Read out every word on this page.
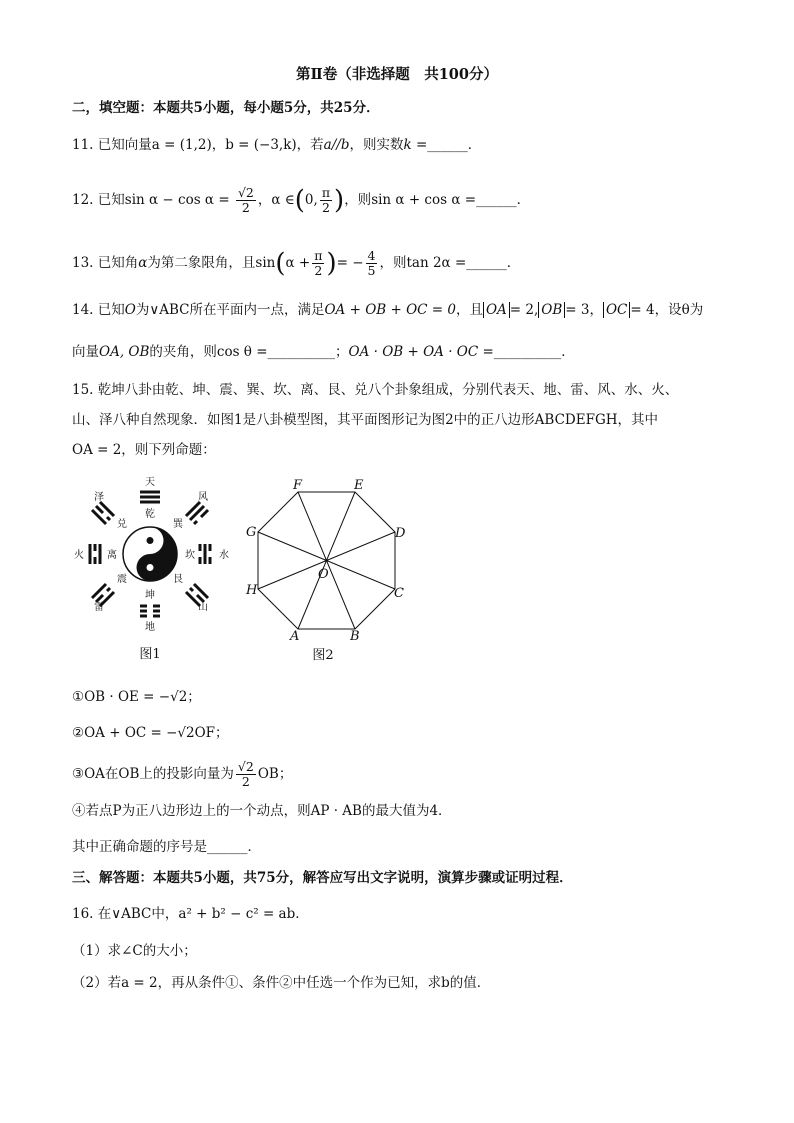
第Ⅱ卷（非选择题　共100分）
二，填空题：本题共5小题，每小题5分，共25分．
11. 已知向量a = (1,2)，b = (−3,k)，若a//b，则实数k =______．
12. 已知$\sin \alpha - \cos \alpha = \frac{√2}{2}$ ，α ∈(0, $\frac{\pi}{2}$ )，则sin α + cos α =______．
13. 已知角α为第二象限角，且$\sin(\alpha + \frac{\pi}{2}$ )= − $\frac{4}{5}$ ，则tan 2α =______．
14. 已知O为∨ABC所在平面内一点，满足OA + OB + OC = 0，且 OA = 2, OB = 3， OC = 4，设θ为
向量OA, OB的夹角，则cos θ =__________；OA · OB + OA · OC =__________．
15. 乾坤八卦由乾、坤、震、巽、坎、离、艮、兑八个卦象组成，分别代表天、地、雷、风、水、火、
山、泽八种自然现象．如图1是八卦模型图，其平面图形记为图2中的正八边形ABCDEFGH，其中
OA = 2，则下列命题：
天
乾
地
坤
火 离	水
坎
泽
兑
风
巽
雷
震
山
艮
图1
A	B
C
D
E
F
G
H
O
图2
①OB · OE = −√2；
②OA + OC = −√2OF；
③OA在OB上的投影向量为 $\frac{√2}{2}$ OB；
④若点P为正八边形边上的一个动点，则AP · AB的最大值为4．
其中正确命题的序号是______．
三、解答题：本题共5小题，共75分，解答应写出文字说明，演算步骤或证明过程．
16. 在∨ABC中，a² + b² − c² = ab．
（1）求∠C的大小；
（2）若a = 2，再从条件①、条件②中任选一个作为已知，求b的值．
